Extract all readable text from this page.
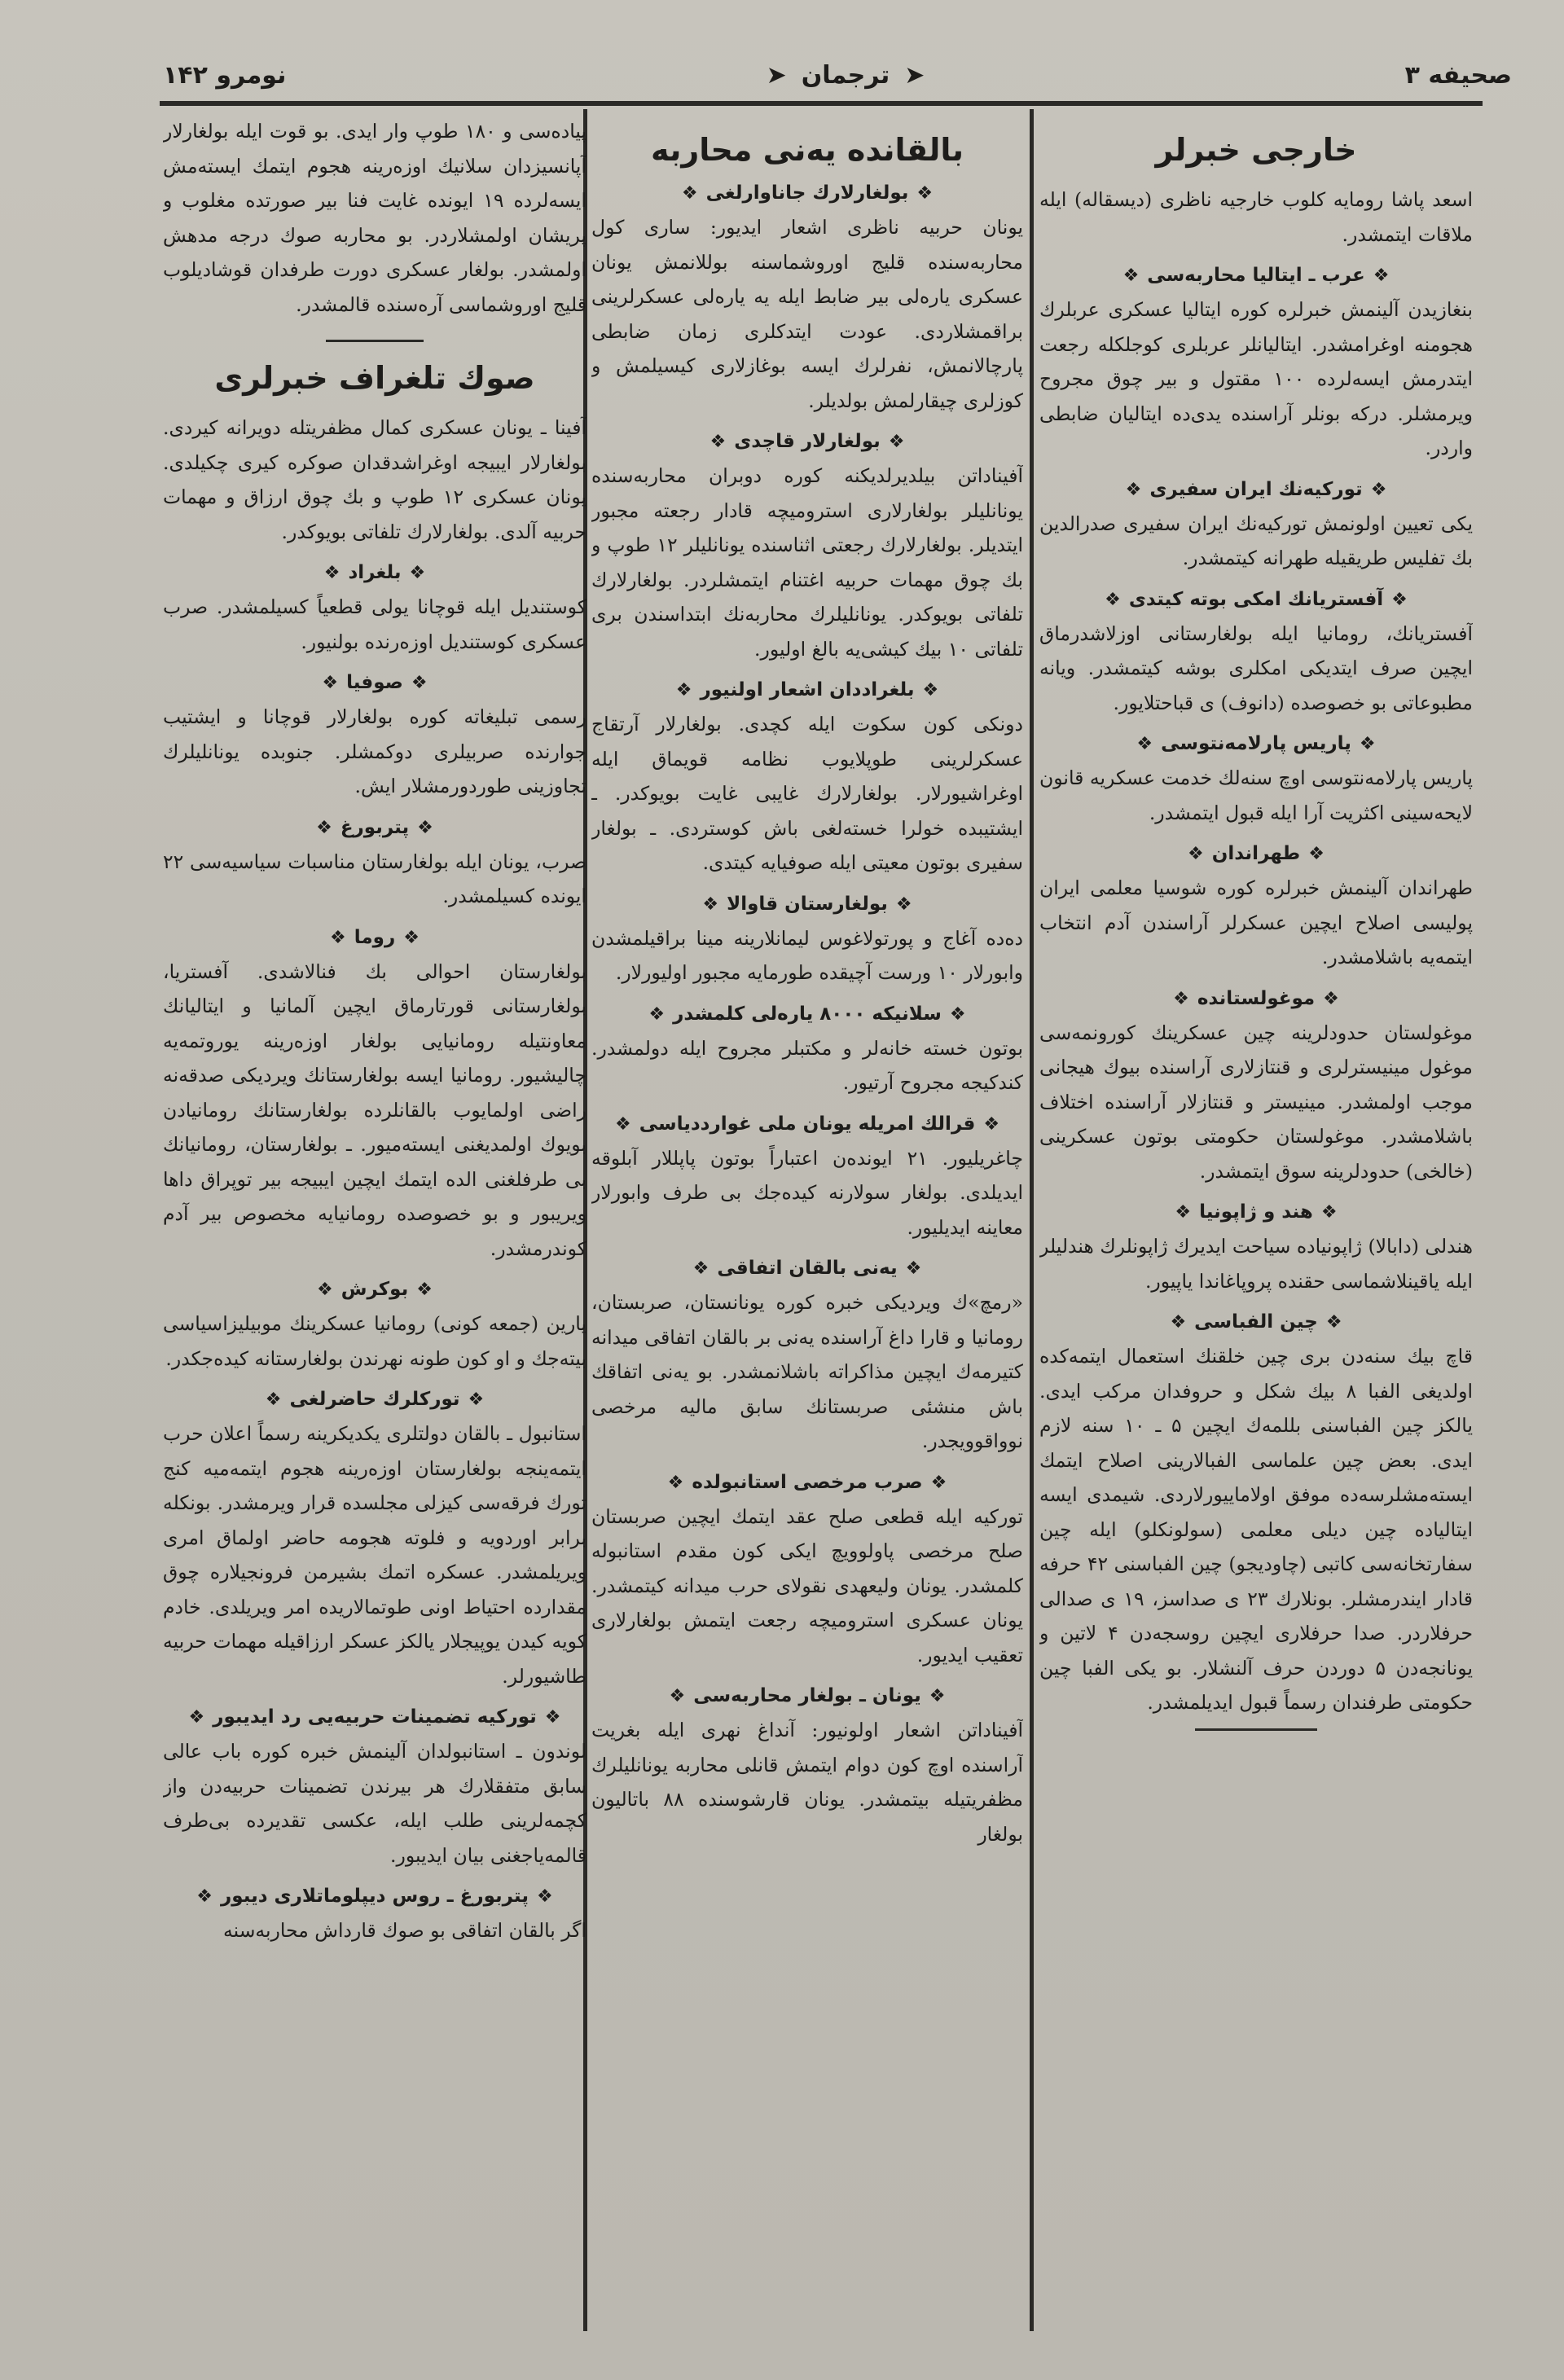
صحیفه ۳
➤
ترجمان
➤
نومرو ۱۴۲
خارجی خبرلر

اسعد پاشا رومایه کلوب خارجیه ناظری (دیسقاله) ایله ملاقات ایتمشدر.

❖ عرب ـ ایتالیا محاربه‌سی ❖

بنغازیدن آلینمش خبرلره کوره ایتالیا عسکری عربلرك هجومنه اوغرامشدر. ایتالیانلر عربلری کوجلکله رجعت ایتدرمش ایسه‌لرده ۱۰۰ مقتول و بیر چوق مجروح ویرمشلر. درکه بونلر آراسنده یدی‌ده ایتالیان ضابطی واردر.

❖ تورکیه‌نك ایران سفیری ❖

یکی تعیین اولونمش تورکیه‌نك ایران سفیری صدرالدین بك تفلیس طریقیله طهرانه کیتمشدر.

❖ آفستریانك امکی بوته کیتدی ❖

آفستریانك، رومانیا ایله بولغارستانی اوزلاشدرماق ایچین صرف ایتدیکی امکلری بوشه کیتمشدر. ویانه مطبوعاتی بو خصوصده (دانوف) ی قباحتلایور.

❖ پاریس پارلامه‌نتوسی ❖

پاریس پارلامه‌نتوسی اوچ سنه‌لك خدمت عسکریه قانون لایحه‌سینی اکثریت آرا ایله قبول ایتمشدر.

❖ طهراندان ❖

طهراندان آلینمش خبرلره کوره شوسیا معلمی ایران پولیسی اصلاح ایچین عسکرلر آراسندن آدم انتخاب ایتمه‌یه باشلامشدر.

❖ موغولستانده ❖

موغولستان حدودلرینه چین عسکرینك کورونمه‌سی موغول مینیسترلری و قنتازلاری آراسنده بیوك هیجانی موجب اولمشدر. مینیستر و قنتازلار آراسنده اختلاف باشلامشدر. موغولستان حکومتی بوتون عسکرینی (خالخی) حدودلرینه سوق ایتمشدر.

❖ هند و ژاپونیا ❖

هندلی (دابالا) ژاپونیاده سیاحت ایدیرك ژاپونلرك هندلیلر ایله یاقینلاشماسی حقنده پروپاغاندا یاپیور.

❖ چین الفباسی ❖

قاچ بیك سنه‌دن بری چین خلقنك استعمال ایتمه‌کده اولدیغی الفبا ۸ بیك شکل و حروفدان مرکب ایدی. یالکز چین الفباسنی بللمه‌ك ایچین ۵ ـ ۱۰ سنه لازم ایدی. بعض چین علماسی الفبالارینی اصلاح ایتمك ایسته‌مشلرسه‌ده موفق اولاماییورلاردی. شیمدی ایسه ایتالیاده چین دیلی معلمی (سولونکلو) ایله چین سفارتخانه‌سی کاتبی (چاوديجو) چین الفباسنی ۴۲ حرفه قادار ایندرمشلر. بونلارك ۲۳ ی صداسز، ۱۹ ی صدالی حرفلاردر. صدا حرفلاری ایچین روسجه‌دن ۴ لاتین و یونانجه‌دن ۵ دوردن حرف آلنشلار. بو یکی الفبا چین حکومتی طرفندان رسماً قبول ایدیلمشدر.

بالقانده یه‌نی محاربه
❖ بولغارلارك جاناوارلغی ❖

یونان حربیه ناظری اشعار ایدیور: ساری کول محاربه‌سنده قلیج اوروشماسنه بوللانمش یونان عسکری یاره‌لی بیر ضابط ایله یه یاره‌لی عسکرلرینی براقمشلاردی. عودت ایتدکلری زمان ضابطی پارچالانمش، نفرلرك ایسه بوغازلاری کیسیلمش و کوزلری چیقارلمش بولدیلر.

❖ بولغارلار قاچدی ❖

آفیناداتن بیلدیرلدیکنه کوره دوبران محاربه‌سنده یونانلیلر بولغارلاری استرومیچه قادار رجعته مجبور ایتدیلر. بولغارلارك رجعتی اثناسنده یونانلیلر ۱۲ طوپ و بك چوق مهمات حربیه اغتنام ایتمشلردر. بولغارلارك تلفاتی بویوکدر. یونانلیلرك محاربه‌نك ابتداسندن بری تلفاتی ۱۰ بیك کیشی‌یه بالغ اولیور.

❖ بلغراددان اشعار اولنیور ❖

دونکی کون سکوت ایله کچدی. بولغارلار آرتقاج عسکرلرینی طوپلایوب نظامه قویماق ایله اوغراشیورلار. بولغارلارك غایبی غایت بویوکدر. ـ ایشتیبده خولرا خسته‌لغی باش کوستردی. ـ بولغار سفیری بوتون معیتی ایله صوفیایه کیتدی.

❖ بولغارستان قاوالا ❖

ده‌ده آغاج و پورتولاغوس لیمانلارینه مینا براقیلمشدن وابورلار ۱۰ ورست آچیقده طورمایه مجبور اولیورلار.

❖ سلانیکه ۸۰۰۰ یاره‌لی کلمشدر ❖

بوتون خسته خانه‌لر و مکتبلر مجروح ایله دولمشدر. کندکیجه مجروح آرتیور.

❖ قرالك امریله یونان ملی غوارددیاسی ❖

چاغریلیور. ۲۱ ایونده‌ن اعتباراً بوتون پاپللار آبلوقه ایدیلدی. بولغار سولارنه کیده‌جك بی طرف وابورلار معاینه ایدیلیور.

❖ یه‌نی بالقان اتفاقی ❖

«رمچ»ك ویردیکی خبره کوره یونانستان، صربستان، رومانیا و قارا داغ آراسنده یه‌نی بر بالقان اتفاقی میدانه کتیرمه‌ك ایچین مذاکراته باشلانمشدر. بو یه‌نی اتفاقك باش منشئی صربستانك سابق مالیه مرخصی نوواقوویجدر.

❖ صرب مرخصی استانبولده ❖

تورکیه ایله قطعی صلح عقد ایتمك ایچین صربستان صلح مرخصی پاولوویچ ایکی کون مقدم استانبوله کلمشدر. یونان ولیعهدی نقولای حرب میدانه کیتمشدر. یونان عسکری استرومیچه رجعت ایتمش بولغارلاری تعقیب ایدیور.

❖ یونان ـ بولغار محاربه‌سی ❖

آفیناداتن اشعار اولونیور: آنداغ نهری ایله بغریت آراسنده اوچ کون دوام ایتمش قانلی محاربه یونانلیلرك مظفریتیله بیتمشدر. یونان قارشوسنده ۸۸ باتالیون بولغار

پیاده‌سی و ۱۸۰ طوپ وار ایدی. بو قوت ایله بولغارلار آپانسیزدان سلانیك اوزه‌رینه هجوم ایتمك ایسته‌مش ایسه‌لرده ۱۹ ایونده غایت فنا بیر صورتده مغلوب و پریشان اولمشلاردر. بو محاربه صوك درجه مدهش اولمشدر. بولغار عسکری دورت طرفدان قوشادیلوب قلیج اوروشماسی آره‌سنده قالمشدر.

صوك تلغراف خبرلری

آفینا ـ یونان عسکری کمال مظفریتله دویرانه کیردی. بولغارلار ایبیجه اوغراشدقدان صوکره کیری چکیلدی. یونان عسکری ۱۲ طوپ و بك چوق ارزاق و مهمات حربیه آلدی. بولغارلارك تلفاتی بویوکدر.

❖ بلغراد ❖

کوستندیل ایله قوچانا یولی قطعیاً کسیلمشدر. صرب عسکری کوستندیل اوزه‌رنده بولنیور.

❖ صوفیا ❖

رسمی تبلیغاته کوره بولغارلار قوچانا و ایشتیب جوارنده صربیلری دوکمشلر. جنوبده یونانلیلرك تجاوزینی طوردورمشلار ایش.

❖ پتربورغ ❖

صرب، یونان ایله بولغارستان مناسبات سیاسیه‌سی ۲۲ ایونده کسیلمشدر.

❖ روما ❖

بولغارستان احوالی بك فنالاشدی. آفستریا، بولغارستانی قورتارماق ایچین آلمانیا و ایتالیانك معاونتیله رومانیایی بولغار اوزه‌رینه یوروتمه‌یه چالیشیور. رومانیا ایسه بولغارستانك ویردیکی صدقه‌نه راضی اولمایوب بالقانلرده بولغارستانك رومانیادن بویوك اولمدیغنی ایسته‌میور. ـ بولغارستان، رومانیانك بی طرفلغنی الده ایتمك ایچین ایبیجه بیر توپراق داها ویریبور و بو خصوصده رومانیایه مخصوص بیر آدم کوندرمشدر.

❖ بوکرش ❖

یارین (جمعه کونی) رومانیا عسکرینك موبیلیزاسیاسی بیته‌جك و او کون طونه نهرندن بولغارستانه کیده‌جکدر.

❖ تورکلرك حاضرلغی ❖

استانبول ـ بالقان دولتلری یکدیکرینه رسماً اعلان حرب ایتمه‌ینجه بولغارستان اوزه‌رینه هجوم ایتمه‌میه کنج تورك فرقه‌سی کیزلی مجلسده قرار ویرمشدر. بونکله برابر اوردویه و فلوته هجومه حاضر اولماق امری ویریلمشدر. عسکره اتمك بشیرمن فرونجیلاره چوق مقدارده احتیاط اونی طوتمالاریده امر ویریلدی. خادم کویه کیدن یوپیجلار یالکز عسکر ارزاقیله مهمات حربیه طاشیورلر.

❖ تورکیه تضمینات حربیه‌یی رد ایدیبور ❖

لوندون ـ استانبولدان آلینمش خبره کوره باب عالی سابق متفقلارك هر بیرندن تضمینات حربیه‌دن واز کچمه‌لرینی طلب ایله، عکسی تقدیرده بی‌طرف قالمه‌یاجغنی بیان ایدیبور.

❖ پتربورغ ـ روس دیپلوماتلاری دیبور ❖

اگر بالقان اتفاقی بو صوك قارداش محاربه‌سنه
